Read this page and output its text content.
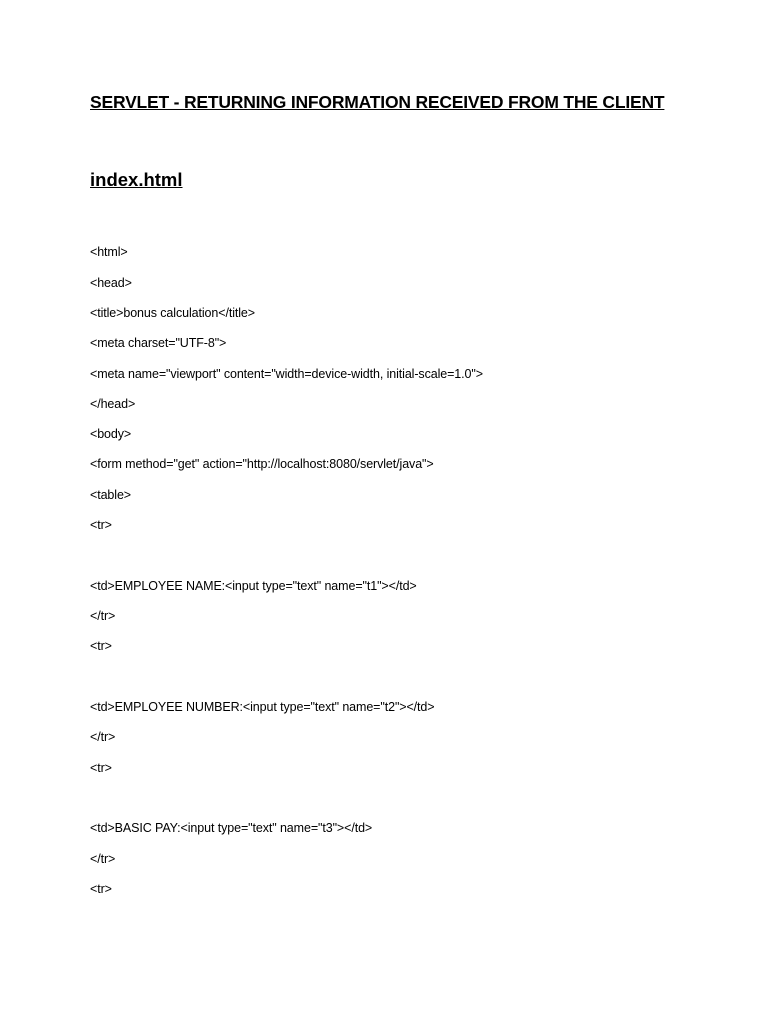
SERVLET - RETURNING INFORMATION RECEIVED FROM THE CLIENT
index.html
<html>
<head>
<title>bonus calculation</title>
<meta charset="UTF-8">
<meta name="viewport" content="width=device-width, initial-scale=1.0">
</head>
<body>
<form method="get" action="http://localhost:8080/servlet/java">
<table>
<tr>
<td>EMPLOYEE NAME:<input type="text" name="t1"></td>
</tr>
<tr>
<td>EMPLOYEE NUMBER:<input type="text" name="t2"></td>
</tr>
<tr>
<td>BASIC PAY:<input type="text" name="t3"></td>
</tr>
<tr>
